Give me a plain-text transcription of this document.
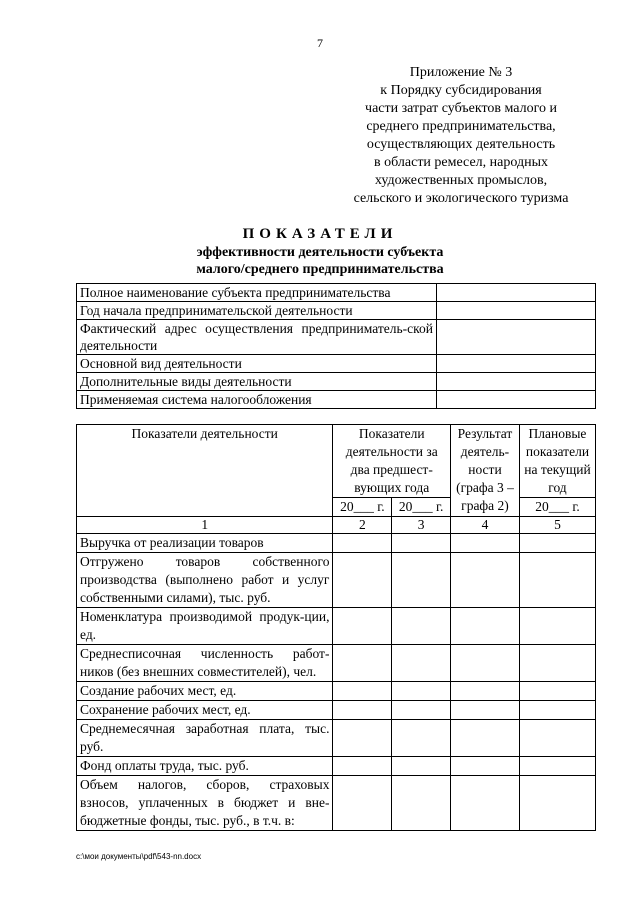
7
Приложение № 3
к Порядку субсидирования
части затрат субъектов малого и
среднего предпринимательства,
осуществляющих деятельность
в области ремесел, народных
художественных промыслов,
сельского и экологического туризма
ПОКАЗАТЕЛИ
эффективности деятельности субъекта
малого/среднего предпринимательства
Полное наименование субъекта предпринимательства	
Год начала предпринимательской деятельности	
Фактический адрес осуществления предприниматель-ской деятельности	
Основной вид деятельности	
Дополнительные виды деятельности	
Применяемая система налогообложения	
Показатели деятельности	Показатели деятельности за два предшест-вующих года		Результат деятель-ности (графа 3 – графа 2)	Плановые показатели на текущий год
	20___ г.	20___ г.		20___ г.
1	2	3	4	5
Выручка от реализации товаров				
Отгружено товаров собственного производства (выполнено работ и услуг собственными силами), тыс. руб.				
Номенклатура производимой продук-ции, ед.				
Среднесписочная численность работ-ников (без внешних совместителей), чел.				
Создание рабочих мест, ед.				
Сохранение рабочих мест, ед.				
Среднемесячная заработная плата, тыс. руб.				
Фонд оплаты труда, тыс. руб.				
Объем налогов, сборов, страховых взносов, уплаченных в бюджет и вне-бюджетные фонды, тыс. руб., в т.ч. в:				
c:\мои документы\pdf\543-nn.docx
